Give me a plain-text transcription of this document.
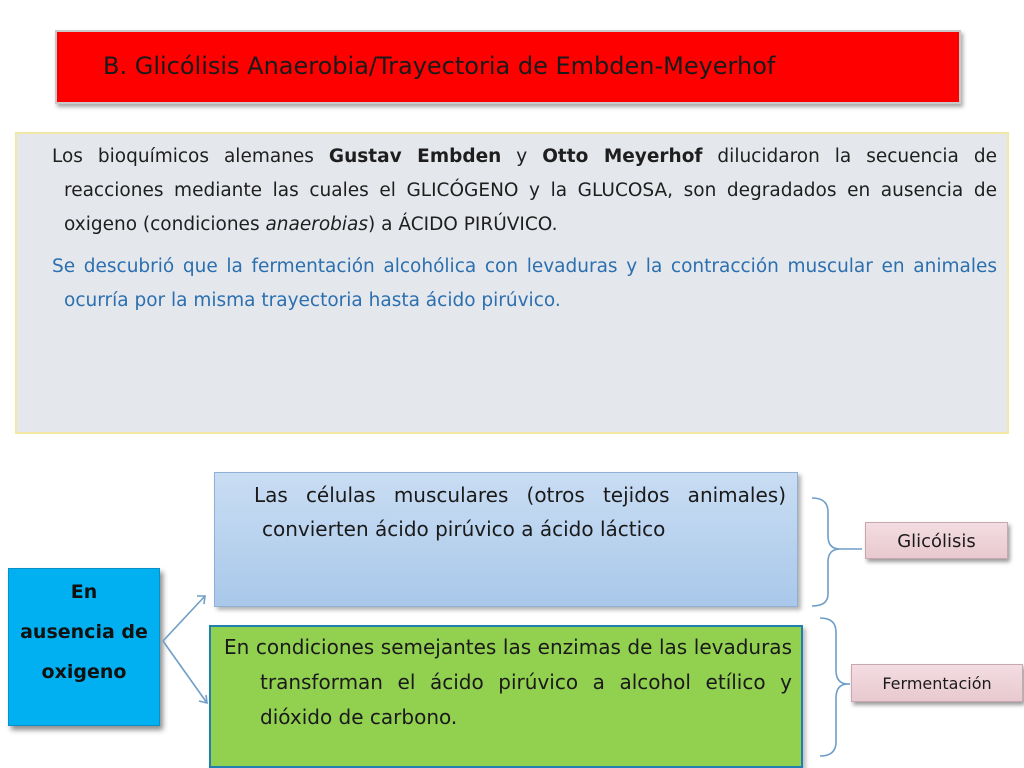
B. Glicólisis Anaerobia/Trayectoria de Embden-Meyerhof
Los bioquímicos alemanes Gustav Embden y Otto Meyerhof dilucidaron la secuencia de reacciones mediante las cuales el GLICÓGENO y la GLUCOSA, son degradados en ausencia de oxigeno (condiciones anaerobias) a ÁCIDO PIRÚVICO.
Se descubrió que la fermentación alcohólica con levaduras y la contracción muscular en animales ocurría por la misma trayectoria hasta ácido pirúvico.
Las células musculares (otros tejidos animales) convierten ácido pirúvico a ácido láctico
En condiciones semejantes las enzimas de las levaduras transforman el ácido pirúvico a alcohol etílico y dióxido de carbono.
En
ausencia de
oxigeno
Glicólisis
Fermentación
